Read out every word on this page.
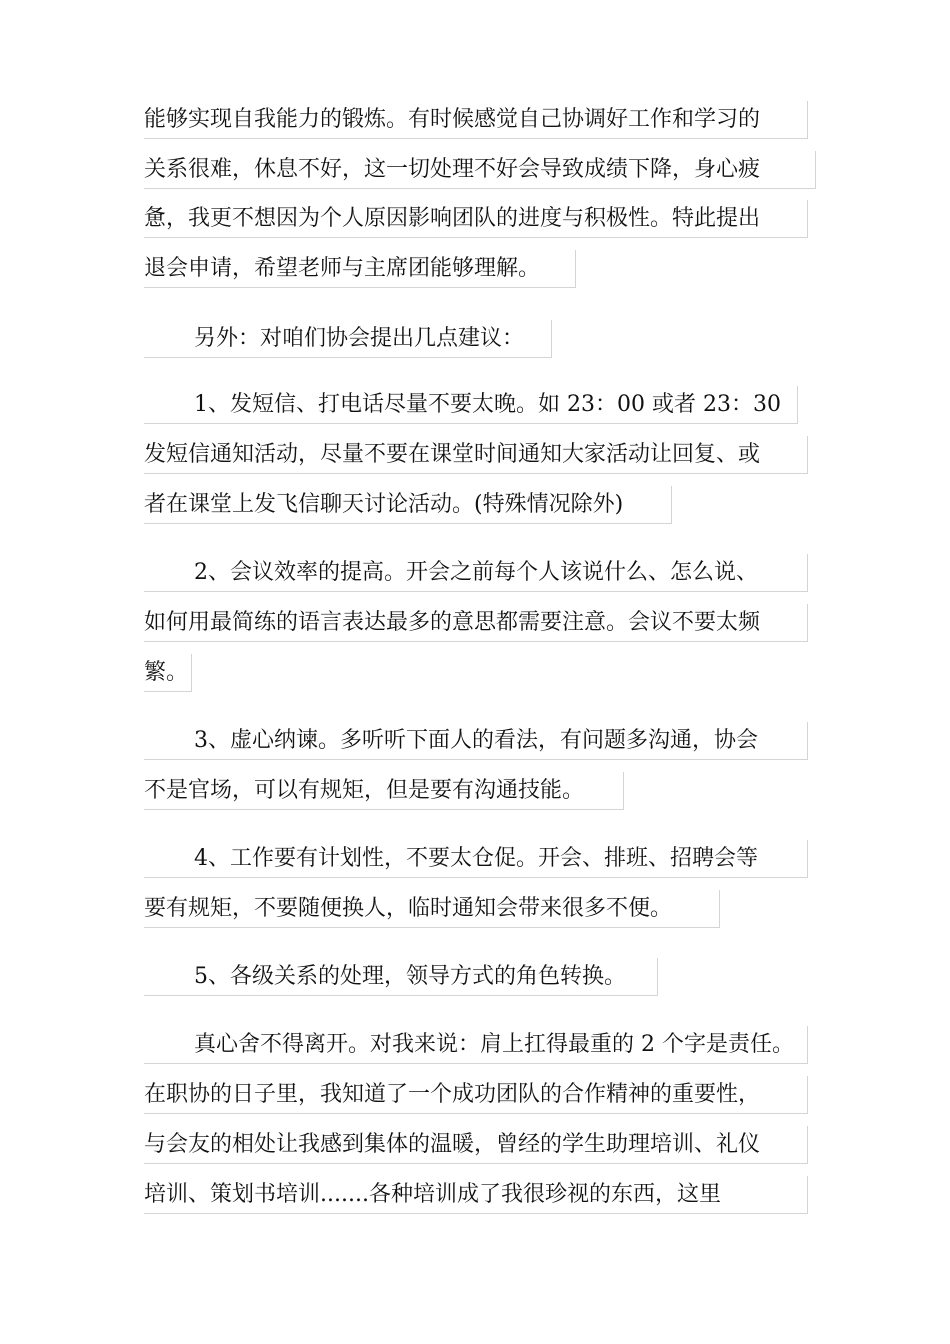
能够实现自我能力的锻炼。有时候感觉自己协调好工作和学习的
关系很难，休息不好，这一切处理不好会导致成绩下降，身心疲
惫，我更不想因为个人原因影响团队的进度与积极性。特此提出
退会申请，希望老师与主席团能够理解。
另外：对咱们协会提出几点建议：
1、发短信、打电话尽量不要太晚。如 23：00 或者 23：30
发短信通知活动，尽量不要在课堂时间通知大家活动让回复、或
者在课堂上发飞信聊天讨论活动。(特殊情况除外)
2、会议效率的提高。开会之前每个人该说什么、怎么说、
如何用最简练的语言表达最多的意思都需要注意。会议不要太频
繁。
3、虚心纳谏。多听听下面人的看法，有问题多沟通，协会
不是官场，可以有规矩，但是要有沟通技能。
4、工作要有计划性，不要太仓促。开会、排班、招聘会等
要有规矩，不要随便换人，临时通知会带来很多不便。
5、各级关系的处理，领导方式的角色转换。
真心舍不得离开。对我来说：肩上扛得最重的 2 个字是责任。
在职协的日子里，我知道了一个成功团队的合作精神的重要性，
与会友的相处让我感到集体的温暖，曾经的学生助理培训、礼仪
培训、策划书培训.......各种培训成了我很珍视的东西，这里
